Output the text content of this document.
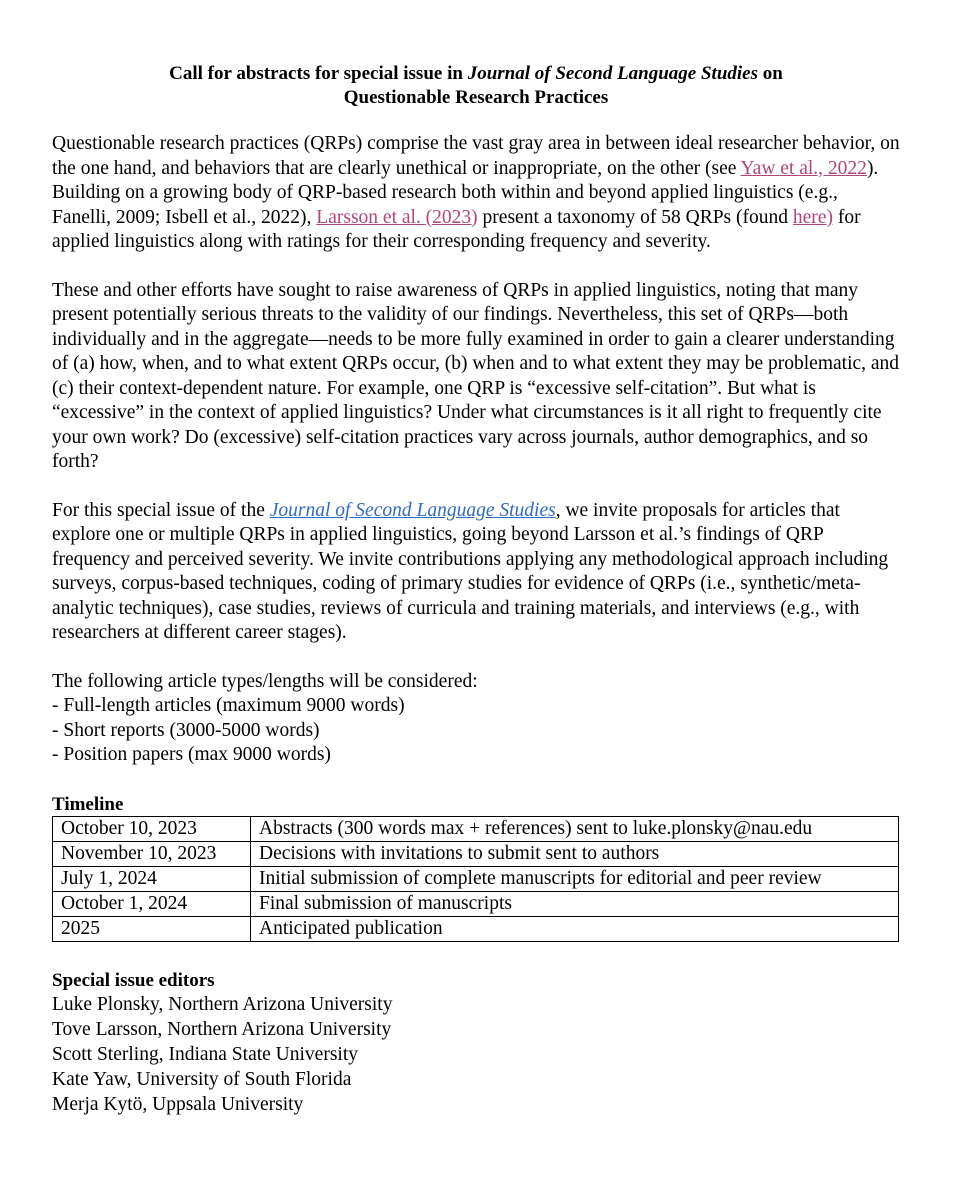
Call for abstracts for special issue in Journal of Second Language Studies on
Questionable Research Practices

Questionable research practices (QRPs) comprise the vast gray area in between ideal researcher behavior, on the one hand, and behaviors that are clearly unethical or inappropriate, on the other (see Yaw et al., 2022). Building on a growing body of QRP-based research both within and beyond applied linguistics (e.g., Fanelli, 2009; Isbell et al., 2022), Larsson et al. (2023) present a taxonomy of 58 QRPs (found here) for applied linguistics along with ratings for their corresponding frequency and severity.

These and other efforts have sought to raise awareness of QRPs in applied linguistics, noting that many present potentially serious threats to the validity of our findings. Nevertheless, this set of QRPs—both individually and in the aggregate—needs to be more fully examined in order to gain a clearer understanding of (a) how, when, and to what extent QRPs occur, (b) when and to what extent they may be problematic, and (c) their context-dependent nature. For example, one QRP is “excessive self-citation”. But what is “excessive” in the context of applied linguistics? Under what circumstances is it all right to frequently cite your own work? Do (excessive) self-citation practices vary across journals, author demographics, and so forth?

For this special issue of the Journal of Second Language Studies, we invite proposals for articles that explore one or multiple QRPs in applied linguistics, going beyond Larsson et al.’s findings of QRP frequency and perceived severity. We invite contributions applying any methodological approach including surveys, corpus-based techniques, coding of primary studies for evidence of QRPs (i.e., synthetic/meta-analytic techniques), case studies, reviews of curricula and training materials, and interviews (e.g., with researchers at different career stages).

The following article types/lengths will be considered:
- Full-length articles (maximum 9000 words)
- Short reports (3000-5000 words)
- Position papers (max 9000 words)
Timeline
October 10, 2023	Abstracts (300 words max + references) sent to luke.plonsky@nau.edu
November 10, 2023	Decisions with invitations to submit sent to authors
July 1, 2024	Initial submission of complete manuscripts for editorial and peer review
October 1, 2024	Final submission of manuscripts
2025	Anticipated publication
Special issue editors
Luke Plonsky, Northern Arizona University
Tove Larsson, Northern Arizona University
Scott Sterling, Indiana State University
Kate Yaw, University of South Florida
Merja Kytö, Uppsala University
